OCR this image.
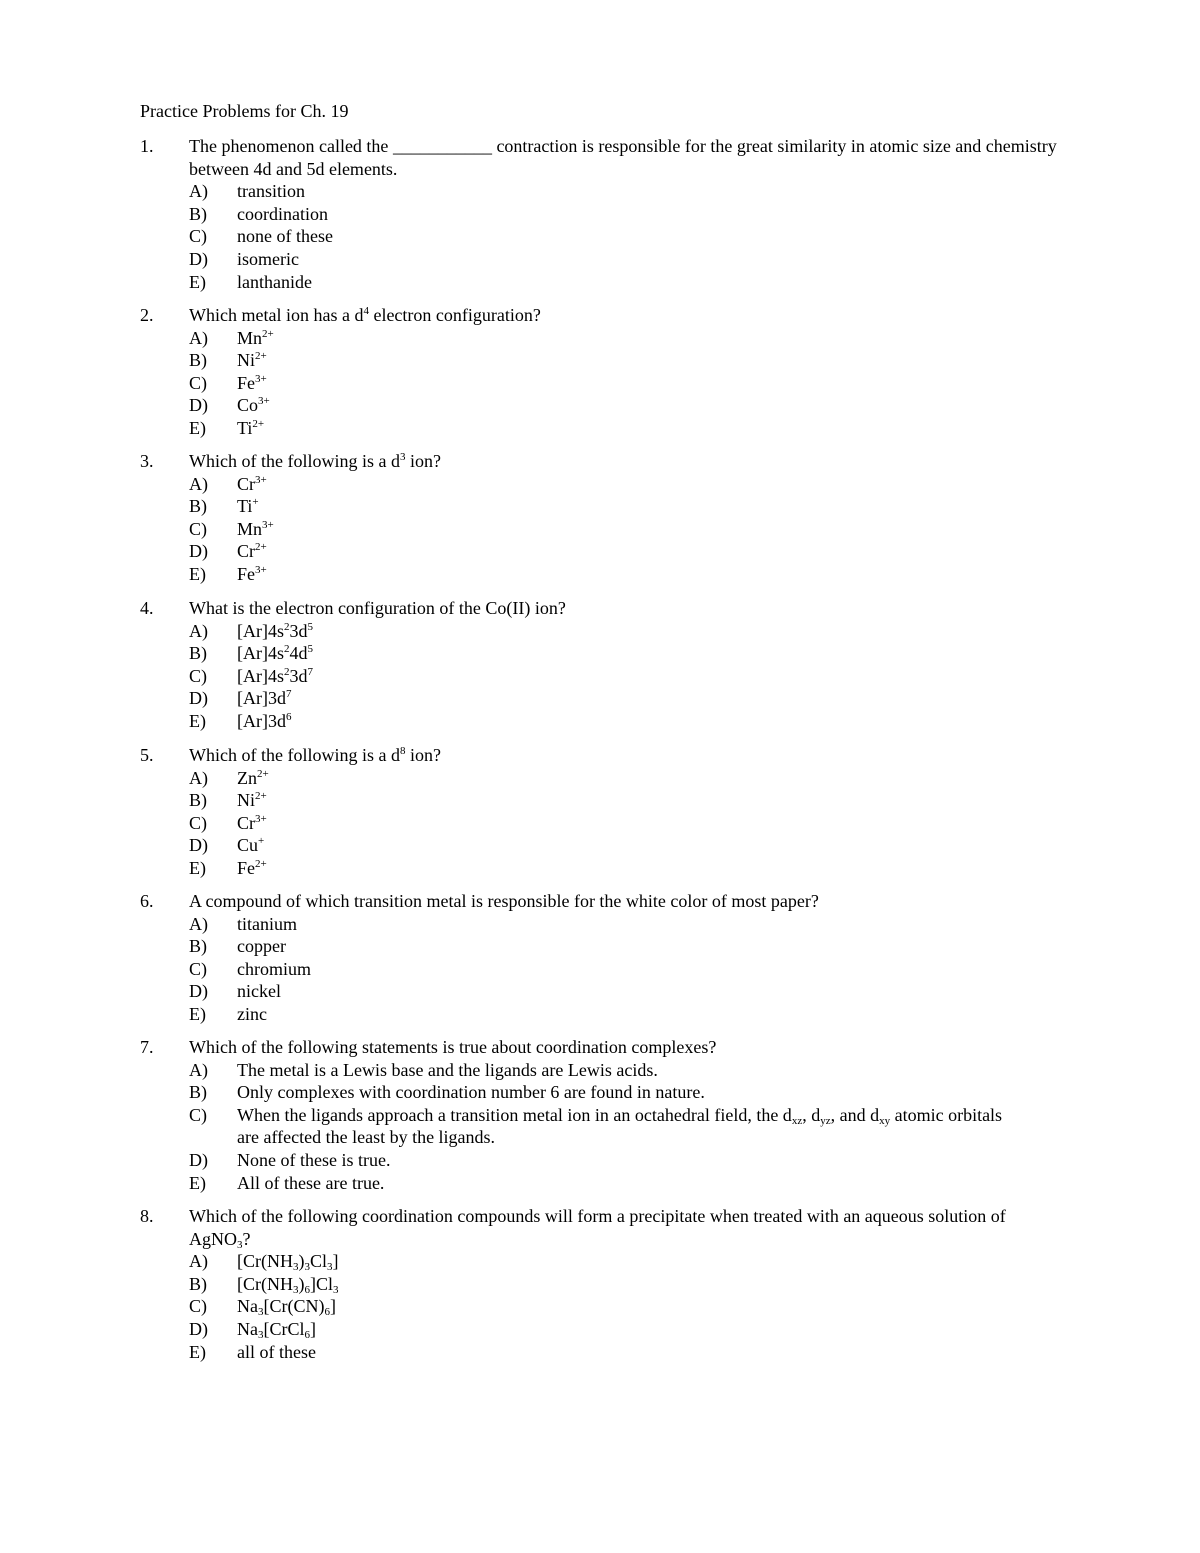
Practice Problems for Ch. 19
1. The phenomenon called the ___________ contraction is responsible for the great similarity in atomic size and chemistry between 4d and 5d elements.
A) transition
B) coordination
C) none of these
D) isomeric
E) lanthanide
2. Which metal ion has a $d^4$ electron configuration?
A) $Mn^{2+}$
B) $Ni^{2+}$
C) $Fe^{3+}$
D) $Co^{3+}$
E) $Ti^{2+}$
3. Which of the following is a $d^3$ ion?
A) $Cr^{3+}$
B) Ti+
C) $Mn^{3+}$
D) $Cr^{2+}$
E) $Fe^{3+}$
4. What is the electron configuration of the Co(II) ion?
A) $[Ar]4s^23d^5$
B) $[Ar]4s^24d^5$
C) $[Ar]4s^23d^7$
D) $[Ar]3d^7$
E) $[Ar]3d^6$
5. Which of the following is a $d^8$ ion?
A) $Zn^{2+}$
B) $Ni^{2+}$
C) $Cr^{3+}$
D) Cu+
E) $Fe^{2+}$
6. A compound of which transition metal is responsible for the white color of most paper?
A) titanium
B) copper
C) chromium
D) nickel
E) zinc
7. Which of the following statements is true about coordination complexes?
A) The metal is a Lewis base and the ligands are Lewis acids.
B) Only complexes with coordination number 6 are found in nature.
C) When the ligands approach a transition metal ion in an octahedral field, the $d_{xz}$, $d_{yz}$, and $d_{xy}$ atomic orbitals are affected the least by the ligands.
D) None of these is true.
E) All of these are true.
8. Which of the following coordination compounds will form a precipitate when treated with an aqueous solution of AgNO$_3$?
A) $[Cr(NH_3)_3Cl_3]$
B) $[Cr(NH_3)_6]Cl_3$
C) $Na_3[Cr(CN)_6]$
D) $Na_3[CrCl_6]$
E) all of these
